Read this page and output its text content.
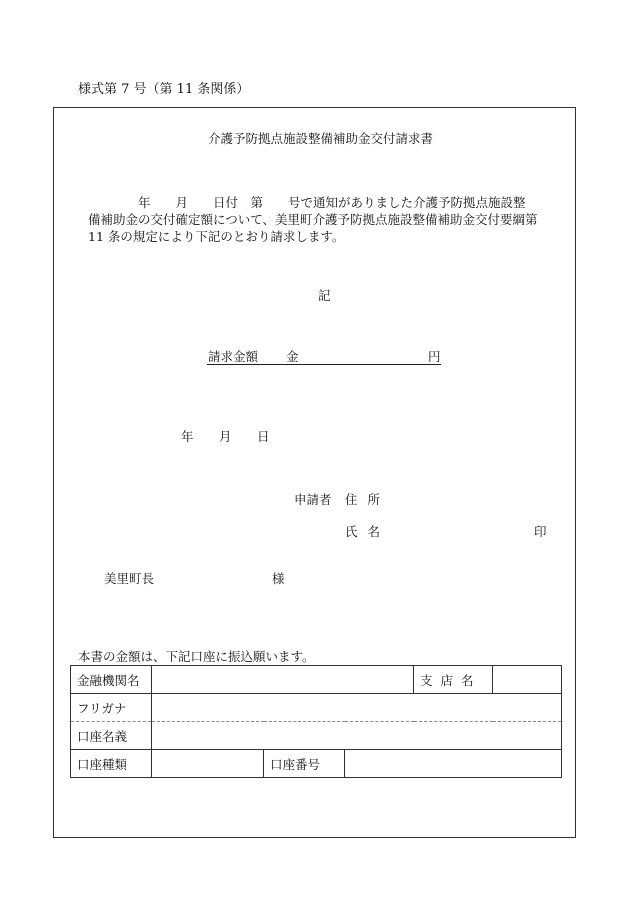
様式第 7 号（第 11 条関係）
介護予防拠点施設整備補助金交付請求書
　　　　年　　月　　日付　第　　号で通知がありました介護予防拠点施設整
備補助金の交付確定額について、美里町介護予防拠点施設整備補助金交付要綱第
11 条の規定により下記のとおり請求します。
記
請求金額 金	円
年 月 日
申請者 住 所
氏 名	印
美里町長	様
本書の金額は、下記口座に振込願います。
金融機関名				支 店 名	
フリガナ					
口座名義					
口座種類		口座番号			
